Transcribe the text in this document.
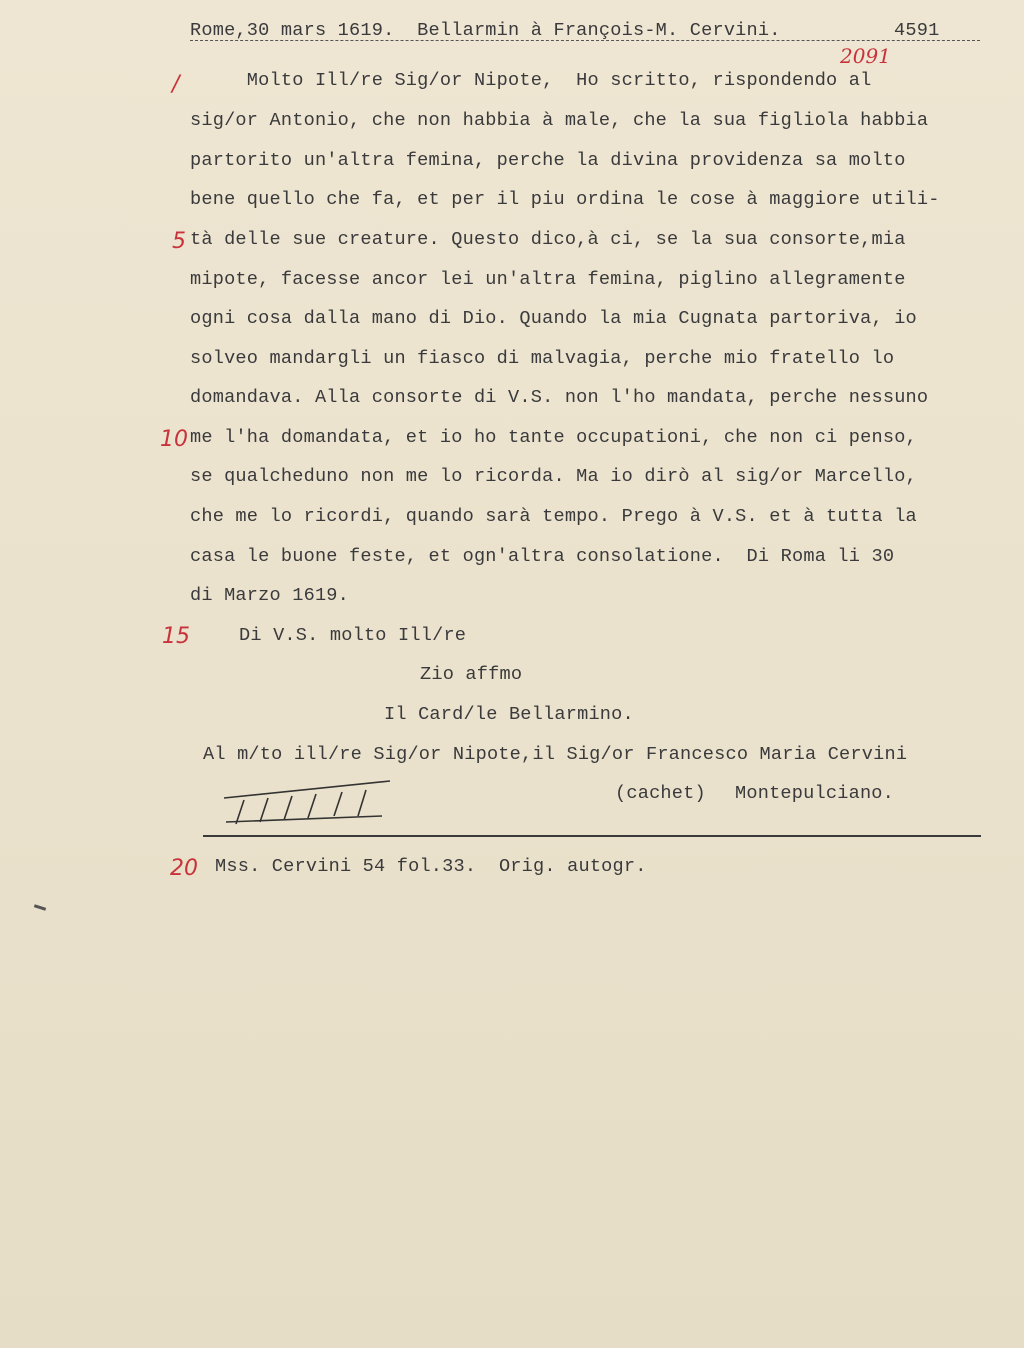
Rome,30 mars 1619.  Bellarmin à François-M. Cervini.	4591
2091
/
5
10
15
20
Molto Ill/re Sig/or Nipote,  Ho scritto, rispondendo al
sig/or Antonio, che non habbia à male, che la sua figliola habbia
partorito un'altra femina, perche la divina providenza sa molto
bene quello che fa, et per il piu ordina le cose à maggiore utili-
tà delle sue creature. Questo dico,à ci, se la sua consorte,mia
mipote, facesse ancor lei un'altra femina, piglino allegramente
ogni cosa dalla mano di Dio. Quando la mia Cugnata partoriva, io
solveo mandargli un fiasco di malvagia, perche mio fratello lo
domandava. Alla consorte di V.S. non l'ho mandata, perche nessuno
me l'ha domandata, et io ho tante occupationi, che non ci penso,
se qualcheduno non me lo ricorda. Ma io dirò al sig/or Marcello,
che me lo ricordi, quando sarà tempo. Prego à V.S. et à tutta la
casa le buone feste, et ogn'altra consolatione.  Di Roma li 30
di Marzo 1619.
Di V.S. molto Ill/re
Zio affmo
Il Card/le Bellarmino.
Al m/to ill/re Sig/or Nipote,il Sig/or Francesco Maria Cervini
(cachet) Montepulciano.
Mss. Cervini 54 fol.33.  Orig. autogr.
